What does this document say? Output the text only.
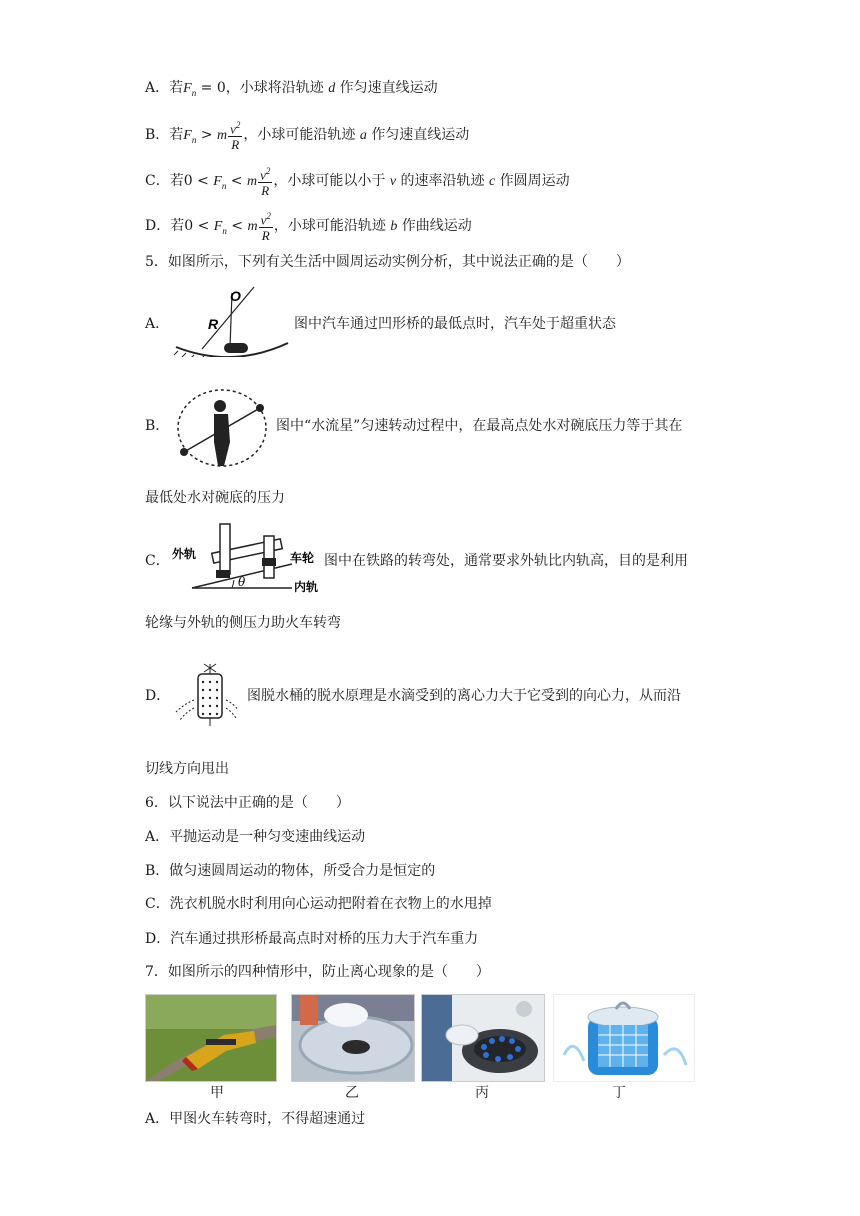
A．若$F_n = 0$，小球将沿轨迹 d 作匀速直线运动
B．若$F_n > m \frac{v^2}{R}$ ，小球可能沿轨迹 a 作匀速直线运动
C．若$0 < F_n < m \frac{v^2}{R}$ ，小球可能以小于 v 的速率沿轨迹 c 作圆周运动
D．若$0 < F_n < m \frac{v^2}{R}$ ，小球可能沿轨迹 b 作曲线运动
5．如图所示，下列有关生活中圆周运动实例分析，其中说法正确的是（　　）
A．
O
R	图中汽车通过凹形桥的最低点时，汽车处于超重状态
B．	图中“水流星”匀速转动过程中，在最高点处水对碗底压力等于其在
最低处水对碗底的压力
C． 外轨	车轮
内轨
θ
图中在铁路的转弯处，通常要求外轨比内轨高，目的是利用
轮缘与外轨的侧压力助火车转弯
D．	图脱水桶的脱水原理是水滴受到的离心力大于它受到的向心力，从而沿
切线方向甩出
6．以下说法中正确的是（　　）
A．平抛运动是一种匀变速曲线运动
B．做匀速圆周运动的物体，所受合力是恒定的
C．洗衣机脱水时利用向心运动把附着在衣物上的水甩掉
D．汽车通过拱形桥最高点时对桥的压力大于汽车重力
7．如图所示的四种情形中，防止离心现象的是（　　）
甲	乙	丙	丁
A．甲图火车转弯时，不得超速通过
